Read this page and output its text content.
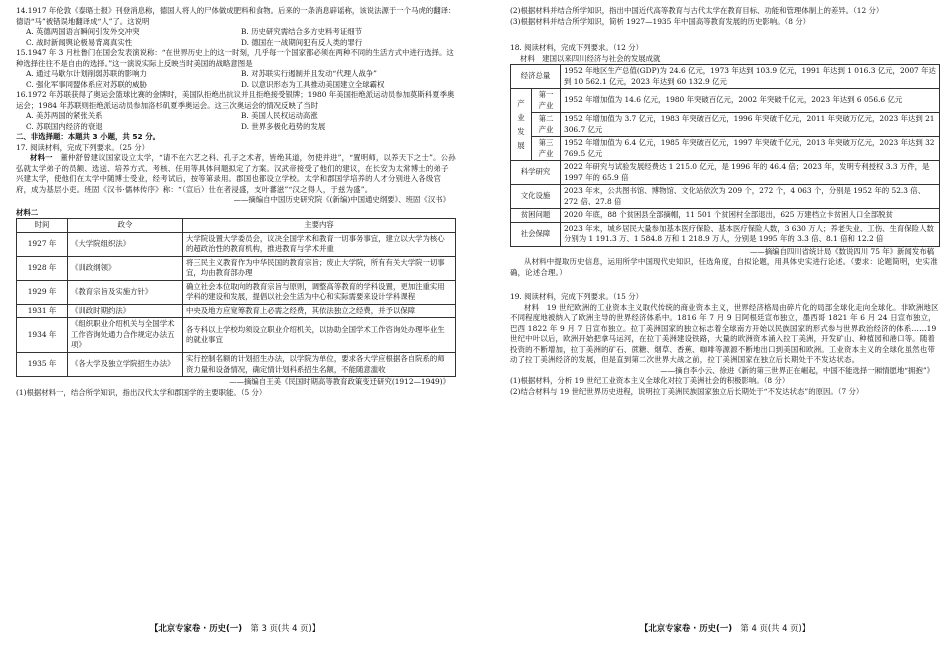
14.1917 年伦敦《泰晤士报》刊登消息称，德国人将人的尸体做成肥料和食物。后来的一条消息辟谣称，该说法源于一个马虎的翻译：德语“马”被错误地翻译成“人”了。这说明

A. 英德两国语言瞬间引发外交冲突	B. 历史研究需结合多方史料考证细节
C. 战时新闻舆论极易背离真实性	D. 德国在一战期间犯有反人类的罪行

15.1947 年 3 月杜鲁门在国会发表演说称：“在世界历史上的这一时刻，几乎每一个国家都必须在两种不同的生活方式中进行选择。这种选择往往不是自由的选择。”这一演说实际上反映当时美国的战略意图是

A. 通过马歇尔计划削弱苏联的影响力	B. 对苏联实行遏制并且发动“代理人战争”
C. 强化军事同盟体系应对苏联的威胁	D. 以意识形态为工具推动美国建立全球霸权

16.1972 年苏联获得了奥运会篮球比赛的金牌时，美国队拒绝出抗议并且拒绝接受银牌；1980 年美国拒绝派运动员参加莫斯科夏季奥运会；1984 年苏联则拒绝派运动员参加洛杉矶夏季奥运会。这三次奥运会的情况反映了当时

A. 美苏两国的紧张关系	B. 美国人民权运动高涨
C. 苏联国内经济的衰退	D. 世界多极化趋势的发展

二、非选择题：本题共 3 小题，共 52 分。

17. 阅读材料，完成下列要求。（25 分）

材料一　 董仲舒曾建议国家设立太学，“请不在六艺之科、孔子之术者，皆绝其道，勿使并进”，“置明师，以养天下之士”。公孙弘就太学弟子的员额、选送、培养方式、考核、任用等具体问题拟定了方案。汉武帝接受了他们的建议，在长安为太常博士的弟子兴建太学，使他们在太学中随博士受业，经考试后，按等第录用。郡国也都设立学校。太学和郡国学培养的人才分别进入各级官府，成为基层小吏。班固《汉书·儒林传序》称：“（宣后）仕在者浸盛，支叶蕃滋”“汉之得人，于兹为盛”。

——摘编自中国历史研究院《(新编)中国通史纲要》、班固《汉书》

材料二

时间	政令	主要内容
1927 年	《大学院组织法》	大学院设置大学委员会，议决全国学术和教育一切事务事宜，建立以大学为核心的超政治性的教育机构，推进教育与学术并重
1928 年	《训政纲领》	将三民主义教育作为中华民国的教育宗旨；废止大学院，所有有关大学院一切事宜，均由教育部办理
1929 年	《教育宗旨及实施方针》	确立社会本位取向的教育宗旨与原则，调整高等教育的学科设置，更加注重实用学科的建设和发展，提倡以社会生活为中心和实际需要来设计学科课程
1931 年	《训政时期约法》	中央及地方应宽筹教育上必需之经费，其依法独立之经费，并予以保障
1934 年	《组织职业介绍机关与全国学术工作咨询处通力合作规定办法五项》	各专科以上学校均须设立职业介绍机关，以协助全国学术工作咨询处办理毕业生的就业事宜
1935 年	《各大学及独立学院招生办法》	实行控制名额的计划招生办法，以学院为单位，要求各大学应根据各自院系的师资力量和设备情况，确定情计划科系招生名额，不能随意滥收

——摘编自王美《民国时期高等教育政策变迁研究(1912—1949)》

(1)根据材料一，结合所学知识，指出汉代太学和郡国学的主要职能。（5 分）

(2)根据材料并结合所学知识，指出中国近代高等教育与古代太学在教育目标、功能和管理体制上的差异。（12 分）

(3)根据材料并结合所学知识，简析 1927—1935 年中国高等教育发展的历史影响。（8 分）

18. 阅读材料，完成下列要求。（12 分）

材料　建国以来四川经济与社会的发展成就

经济总量		1952 年地区生产总值(GDP)为 24.6 亿元，1973 年达到 103.9 亿元，1991 年达到 1 016.3 亿元，2007 年达到 10 562.1 亿元，2023 年达到 60 132.9 亿元
产业发展	第一产业	1952 年增加值为 14.6 亿元，1980 年突破百亿元，2002 年突破千亿元，2023 年达到 6 056.6 亿元
	第二产业	1952 年增加值为 3.7 亿元，1983 年突破百亿元，1996 年突破千亿元，2011 年突破万亿元，2023 年达到 21 306.7 亿元
	第三产业	1952 年增加值为 6.4 亿元，1985 年突破百亿元，1997 年突破千亿元，2013 年突破万亿元，2023 年达到 32 769.5 亿元
科学研究		2022 年研究与试验发展经费达 1 215.0 亿元，是 1996 年的 46.4 倍；2023 年，发明专利授权 3.3 万件，是 1997 年的 65.9 倍
文化设施		2023 年末，公共图书馆、博物馆、文化站依次为 209 个，272 个，4 063 个，分别是 1952 年的 52.3 倍、272 倍、27.8 倍
贫困问题		2020 年底，88 个贫困县全部摘帽，11 501 个贫困村全部退出，625 万建档立卡贫困人口全部脱贫
社会保障		2023 年末，城乡居民大量参加基本医疗保险、基本医疗保险人数，3 630 万人；养老失业、工伤、生育保险人数分别为 1 191.3 万、1 584.8 万和 1 218.9 万人，分别是 1995 年的 3.3 倍、8.1 倍和 12.2 倍

——摘编自四川省统计局《数说四川 75 年》新闻发布稿

从材料中提取历史信息，运用所学中国现代史知识，任选角度，自拟论题，用具体史实进行论述。（要求：论题简明，史实准确，论述合理。）

19. 阅读材料，完成下列要求。（15 分）

材料　19 世纪欧洲的工业资本主义取代传统的商业资本主义，世界经济格局由碎片化的局部全球化走向全球化。非欧洲地区不同程度地被纳入了欧洲主导的世界经济体系中。1816 年 7 月 9 日阿根廷宣布独立，墨西哥 1821 年 6 月 24 日宣布独立，巴西 1822 年 9 月 7 日宣布独立。拉丁美洲国家的独立标志着全球南方开始以民族国家的形式参与世界政治经济的体系……19 世纪中叶以后，欧洲开始把拿马运河，在拉丁美洲建设铁路，大量的欧洲资本涌入拉丁美洲，开发矿山、种植园和港口等。随着投资的不断增加，拉丁美洲的矿石、蔗糖、烟草、香蕉、咖啡等源源不断地出口到美国和欧洲。工业资本主义的全球化虽然也带动了拉丁美洲经济的发展，但是直到第二次世界大战之前，拉丁美洲国家在独立后长期处于不发达状态。

——摘自李小云、徐进《新的第三世界正在崛起，中国不能选择一厢情愿地“拥抱”》

(1)根据材料，分析 19 世纪工业资本主义全球化对拉丁美洲社会的积极影响。（8 分）

(2)结合材料与 19 世纪世界历史进程，说明拉丁美洲民族国家独立后长期处于“不发达状态”的原因。（7 分）

【北京专家卷 · 历史(一)　 第 3 页(共 4 页)】	【北京专家卷 · 历史(一)　 第 4 页(共 4 页)】
